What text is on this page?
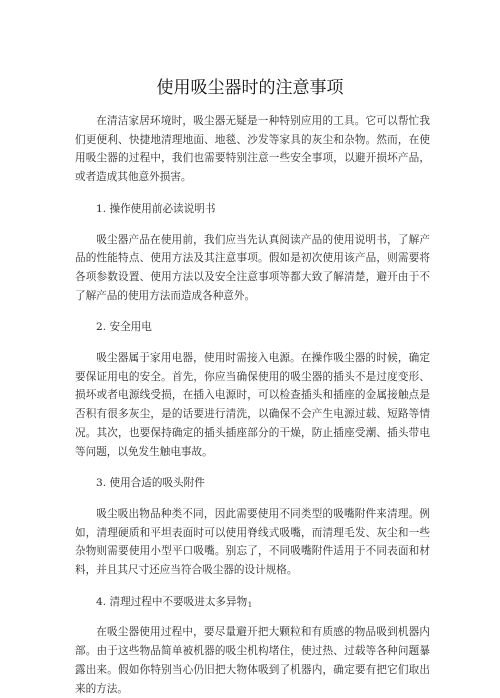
使用吸尘器时的注意事项

在清洁家居环境时，吸尘器无疑是一种特别应用的工具。它可以帮忙我们更便利、快捷地清理地面、地毯、沙发等家具的灰尘和杂物。然而，在使用吸尘器的过程中，我们也需要特别注意一些安全事项，以避开损坏产品，或者造成其他意外损害。

1. 操作使用前必读说明书

吸尘器产品在使用前，我们应当先认真阅读产品的使用说明书，了解产品的性能特点、使用方法及其注意事项。假如是初次使用该产品，则需要将各项参数设置、使用方法以及安全注意事项等都大致了解清楚，避开由于不了解产品的使用方法而造成各种意外。

2. 安全用电

吸尘器属于家用电器，使用时需接入电源。在操作吸尘器的时候，确定要保证用电的安全。首先，你应当确保使用的吸尘器的插头不是过度变形、损坏或者电源线受损，在插入电源时，可以检查插头和插座的金属接触点是否积有很多灰尘，是的话要进行清洗，以确保不会产生电源过载、短路等情况。其次，也要保持确定的插头插座部分的干燥，防止插座受潮、插头带电等问题，以免发生触电事故。

3. 使用合适的吸头附件

吸尘吸出物品种类不同，因此需要使用不同类型的吸嘴附件来清理。例如，清理硬质和平坦表面时可以使用脊线式吸嘴，而清理毛发、灰尘和一些杂物则需要使用小型平口吸嘴。别忘了，不同吸嘴附件适用于不同表面和材料，并且其尺寸还应当符合吸尘器的设计规格。

4. 清理过程中不要吸进太多异物

在吸尘器使用过程中，要尽量避开把大颗粒和有质感的物品吸到机器内部。由于这些物品简单被机器的吸尘机构堵住，使过热、过载等各种问题暴露出来。假如你特别当心仍旧把大物体吸到了机器内，确定要有把它们取出来的方法。

1
